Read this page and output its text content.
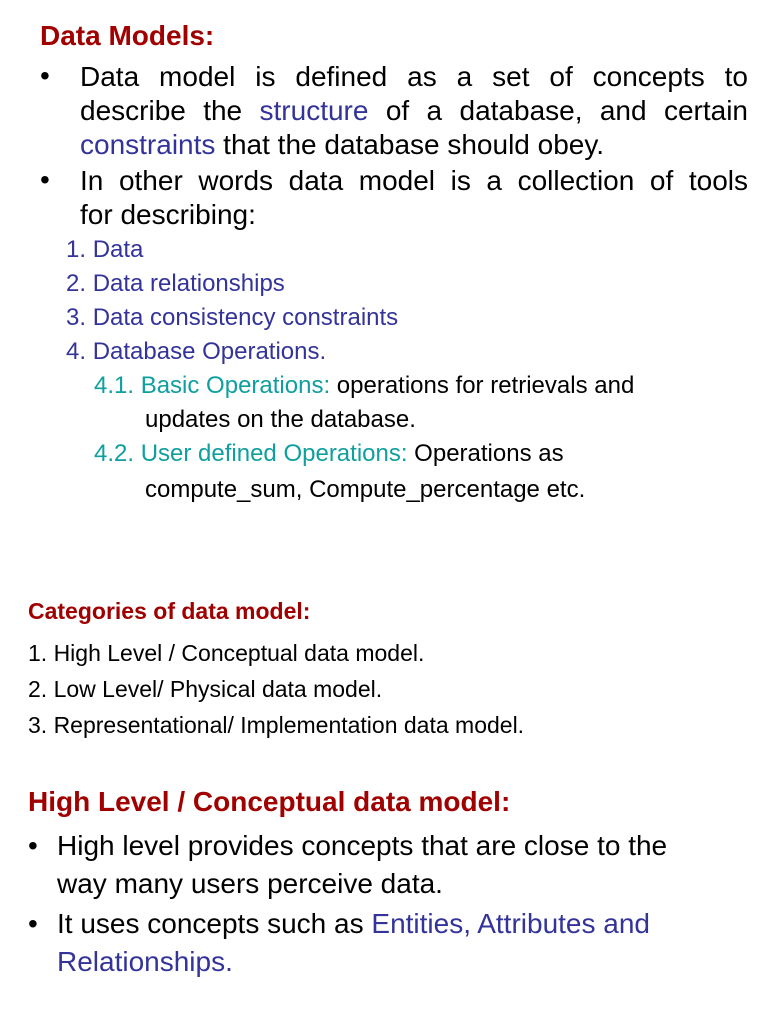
Data Models:
• Data model is defined as a set of concepts to
describe the structure of a database, and certain
constraints that the database should obey.
• In other words data model is a collection of tools
for describing:
1. Data
2. Data relationships
3. Data consistency constraints
4. Database Operations.
4.1. Basic Operations: operations for retrievals and
updates on the database.
4.2. User defined Operations: Operations as
compute_sum, Compute_percentage etc.
Categories of data model:
1. High Level / Conceptual data model.
2. Low Level/ Physical data model.
3. Representational/ Implementation data model.
High Level / Conceptual data model:
• High level provides concepts that are close to the
way many users perceive data.
• It uses concepts such as Entities, Attributes and
Relationships.
